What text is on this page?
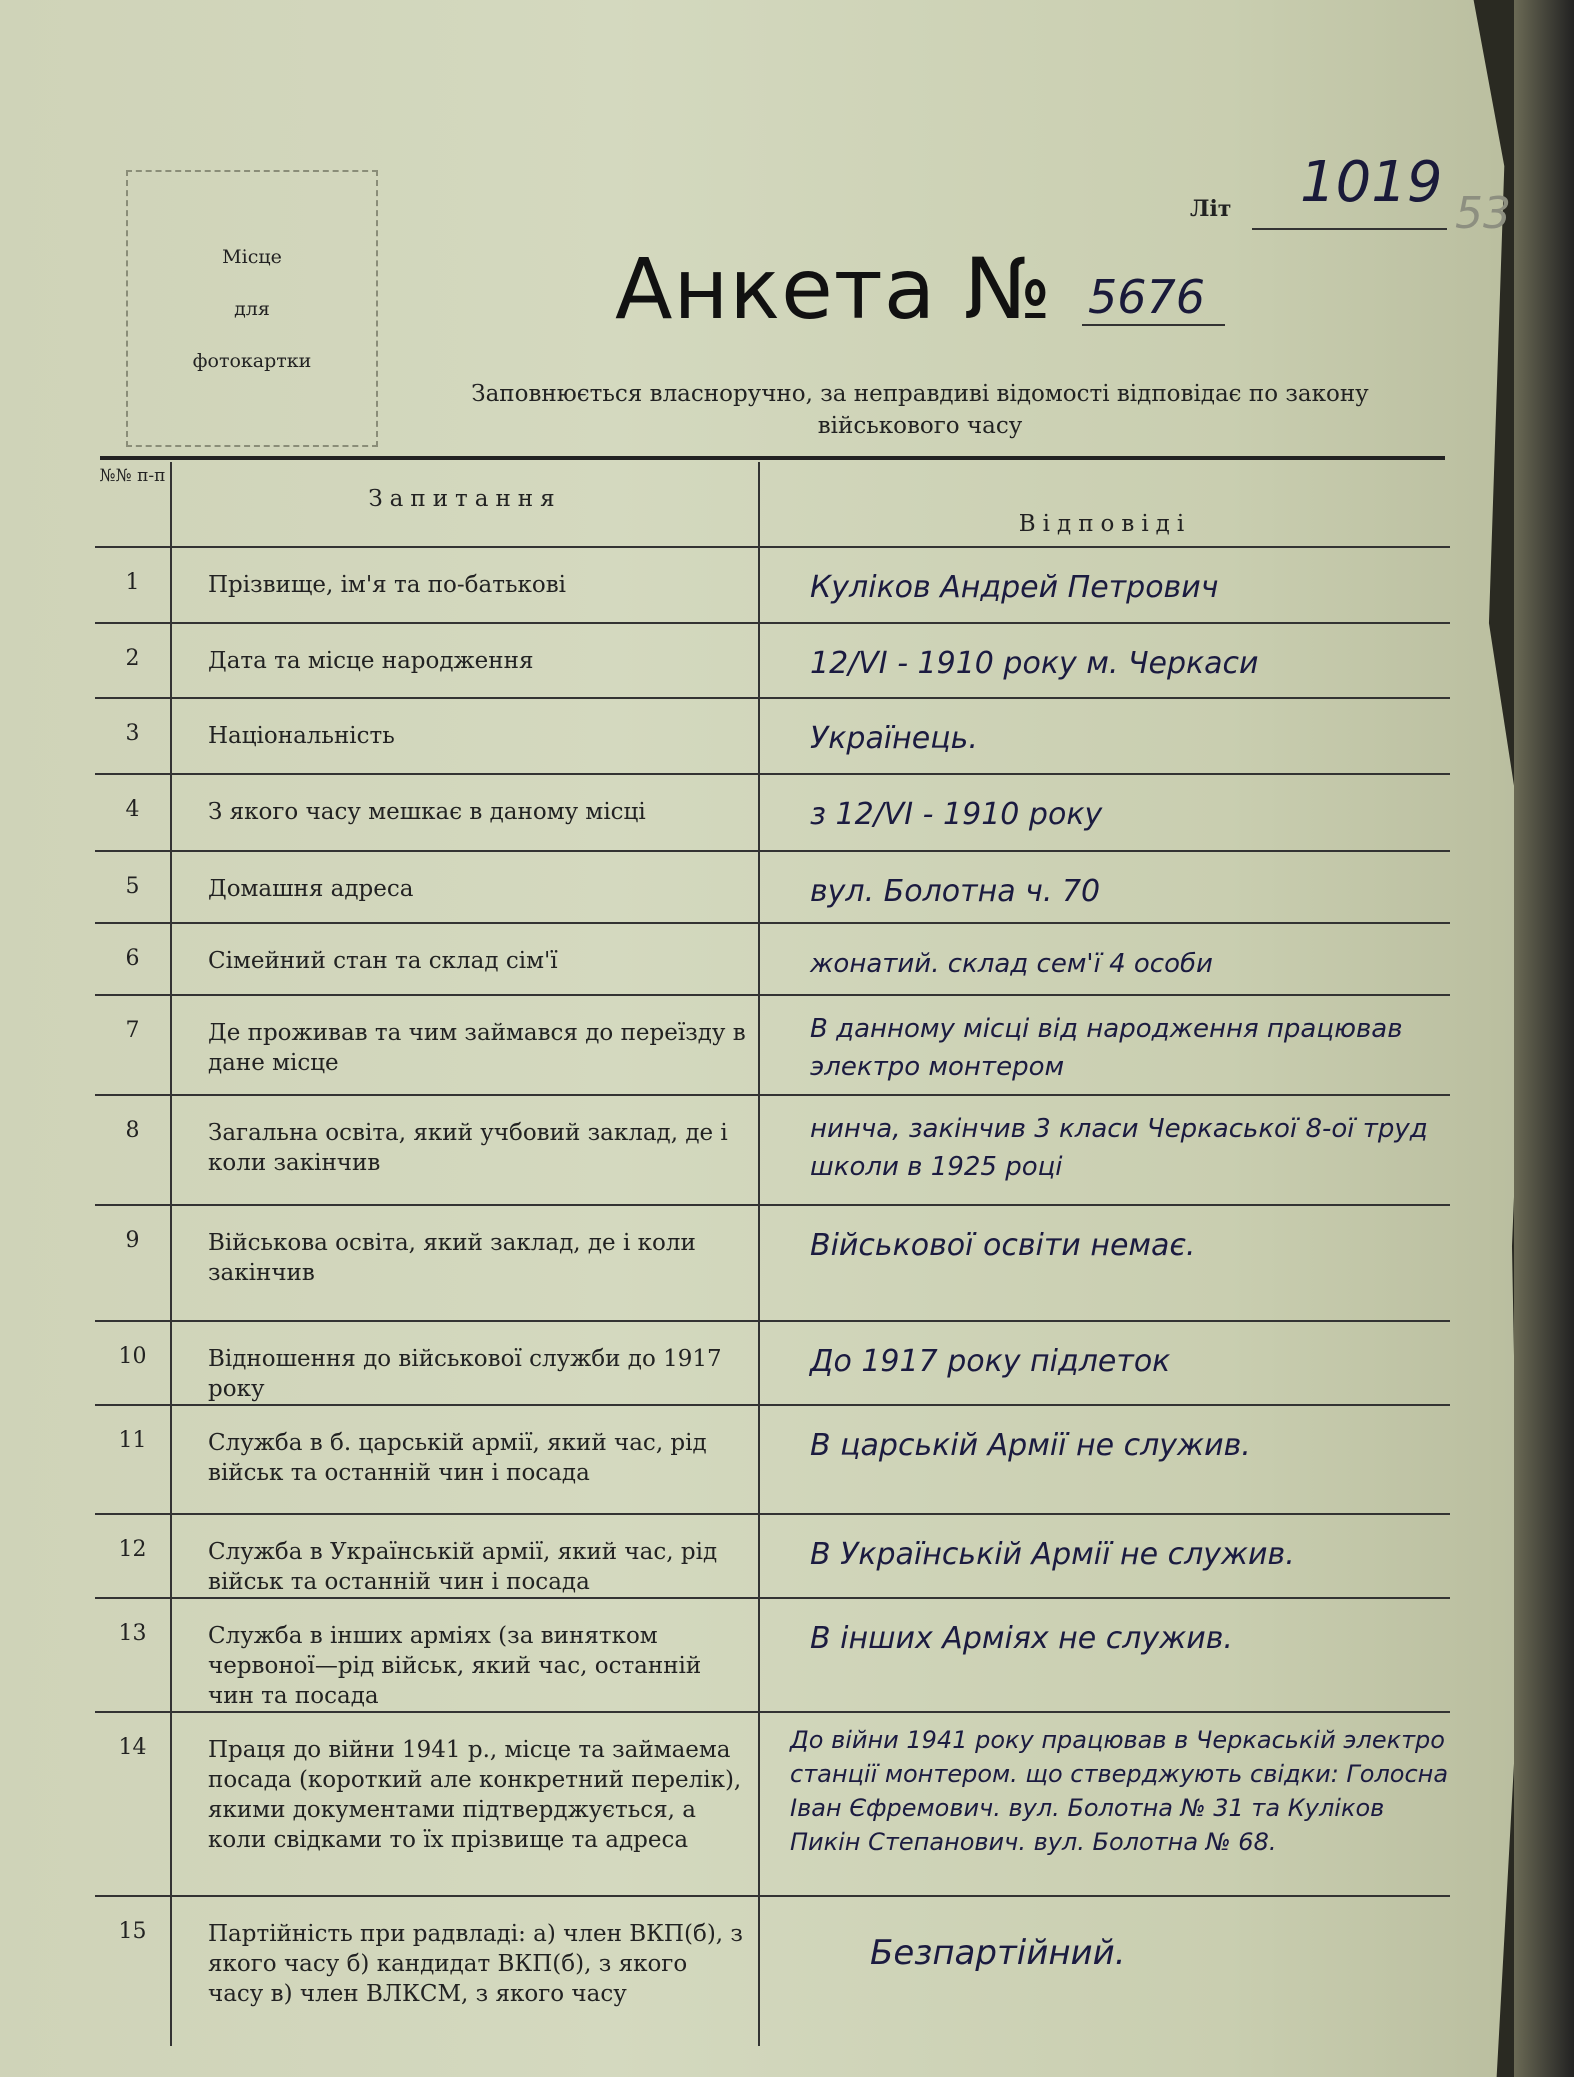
Місце
для
фотокартки
Літ 1019 53
Анкета № 5676
Заповнюється власноручно, за неправдиві відомості відповідає по закону військового часу
№№ п-п	Запитання	Відповіді
1	Прізвище, ім'я та по-батькові	Куліков Андрей Петрович
2	Дата та місце народження	12/VI - 1910 року м. Черкаси
3	Національність	Українець.
4	З якого часу мешкає в даному місці	з 12/VI - 1910 року
5	Домашня адреса	вул. Болотна ч. 70
6	Сімейний стан та склад сім'ї	жонатий. склад сем'ї 4 особи
7	Де проживав та чим займався до переїзду в дане місце	В данному місці від народження працював электро монтером
8	Загальна освіта, який учбовий заклад, де і коли закінчив	нинча, закінчив 3 класи Черкаської 8-ої труд школи в 1925 році
9	Військова освіта, який заклад, де і коли закінчив	Військової освіти немає.
10	Відношення до військової служби до 1917 року	До 1917 року підлеток
11	Служба в б. царській армії, який час, рід військ та останній чин і посада	В царській Армії не служив.
12	Служба в Українській армії, який час, рід військ та останній чин і посада	В Українській Армії не служив.
13	Служба в інших арміях (за винятком червоної—рід військ, який час, останній чин та посада	В інших Арміях не служив.
14	Праця до війни 1941 р., місце та займаема посада (короткий але конкретний перелік), якими документами підтверджується, а коли свідками то їх прізвище та адреса	До війни 1941 року працював в Черкаській электро станції монтером. що стверджують свідки: Голосна Іван Єфремович. вул. Болотна № 31 та Куліков Пикін Степанович. вул. Болотна № 68.
15	Партійність при радвладі: а) член ВКП(б), з якого часу б) кандидат ВКП(б), з якого часу в) член ВЛКСМ, з якого часу	Безпартійний.
